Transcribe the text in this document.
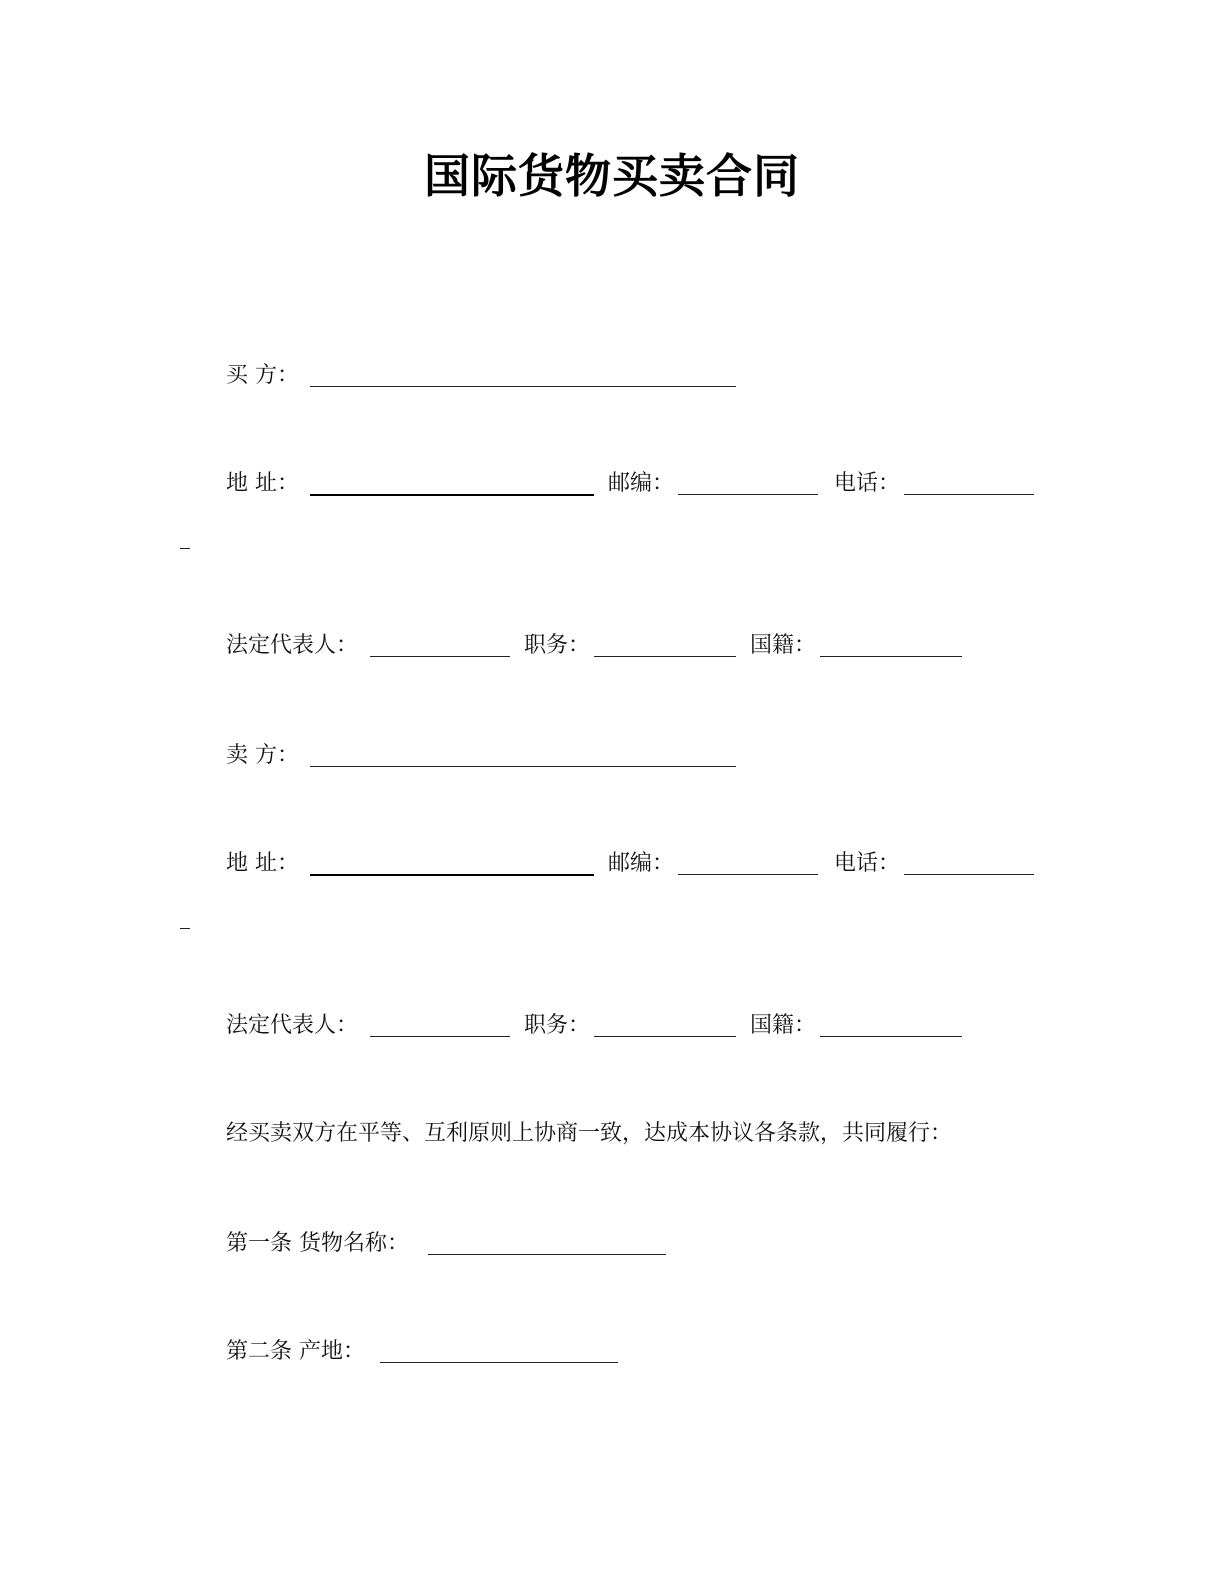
国际货物买卖合同
买 方：
地 址：	邮编：	电话：
法定代表人：	职务：	国籍：
卖 方：
地 址：	邮编：	电话：
法定代表人：	职务：	国籍：
经买卖双方在平等、互利原则上协商一致，达成本协议各条款，共同履行：
第一条 货物名称：
第二条 产地：
